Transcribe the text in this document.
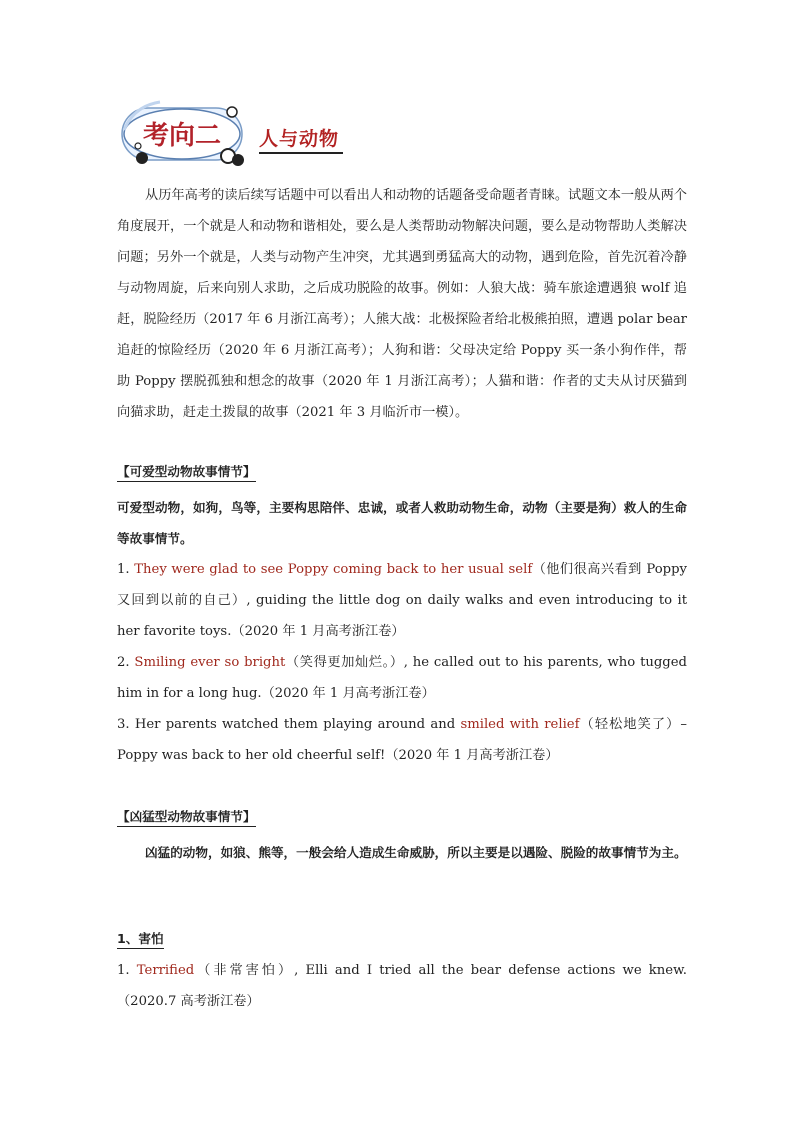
考向二 人与动物

从历年高考的读后续写话题中可以看出人和动物的话题备受命题者青睐。试题文本一般从两个角度展开，一个就是人和动物和谐相处，要么是人类帮助动物解决问题，要么是动物帮助人类解决问题；另外一个就是，人类与动物产生冲突，尤其遇到勇猛高大的动物，遇到危险，首先沉着冷静与动物周旋，后来向别人求助，之后成功脱险的故事。例如：人狼大战：骑车旅途遭遇狼 wolf 追赶，脱险经历（2017 年 6 月浙江高考）；人熊大战：北极探险者给北极熊拍照，遭遇 polar bear 追赶的惊险经历（2020 年 6 月浙江高考）；人狗和谐：父母决定给 Poppy 买一条小狗作伴，帮助 Poppy 摆脱孤独和想念的故事（2020 年 1 月浙江高考）；人猫和谐：作者的丈夫从讨厌猫到向猫求助，赶走土拨鼠的故事（2021 年 3 月临沂市一模）。

【可爱型动物故事情节】

可爱型动物，如狗，鸟等，主要构思陪伴、忠诚，或者人救助动物生命，动物（主要是狗）救人的生命等故事情节。

1. They were glad to see Poppy coming back to her usual self（他们很高兴看到 Poppy 又回到以前的自己）, guiding the little dog on daily walks and even introducing to it her favorite toys.（2020 年 1 月高考浙江卷）

2. Smiling ever so bright（笑得更加灿烂。）, he called out to his parents, who tugged him in for a long hug.（2020 年 1 月高考浙江卷）

3. Her parents watched them playing around and smiled with relief（轻松地笑了）–Poppy was back to her old cheerful self!（2020 年 1 月高考浙江卷）

【凶猛型动物故事情节】

凶猛的动物，如狼、熊等，一般会给人造成生命威胁，所以主要是以遇险、脱险的故事情节为主。

1、害怕

1. Terrified（非常害怕）, Elli and I tried all the bear defense actions we knew.（2020.7 高考浙江卷）
